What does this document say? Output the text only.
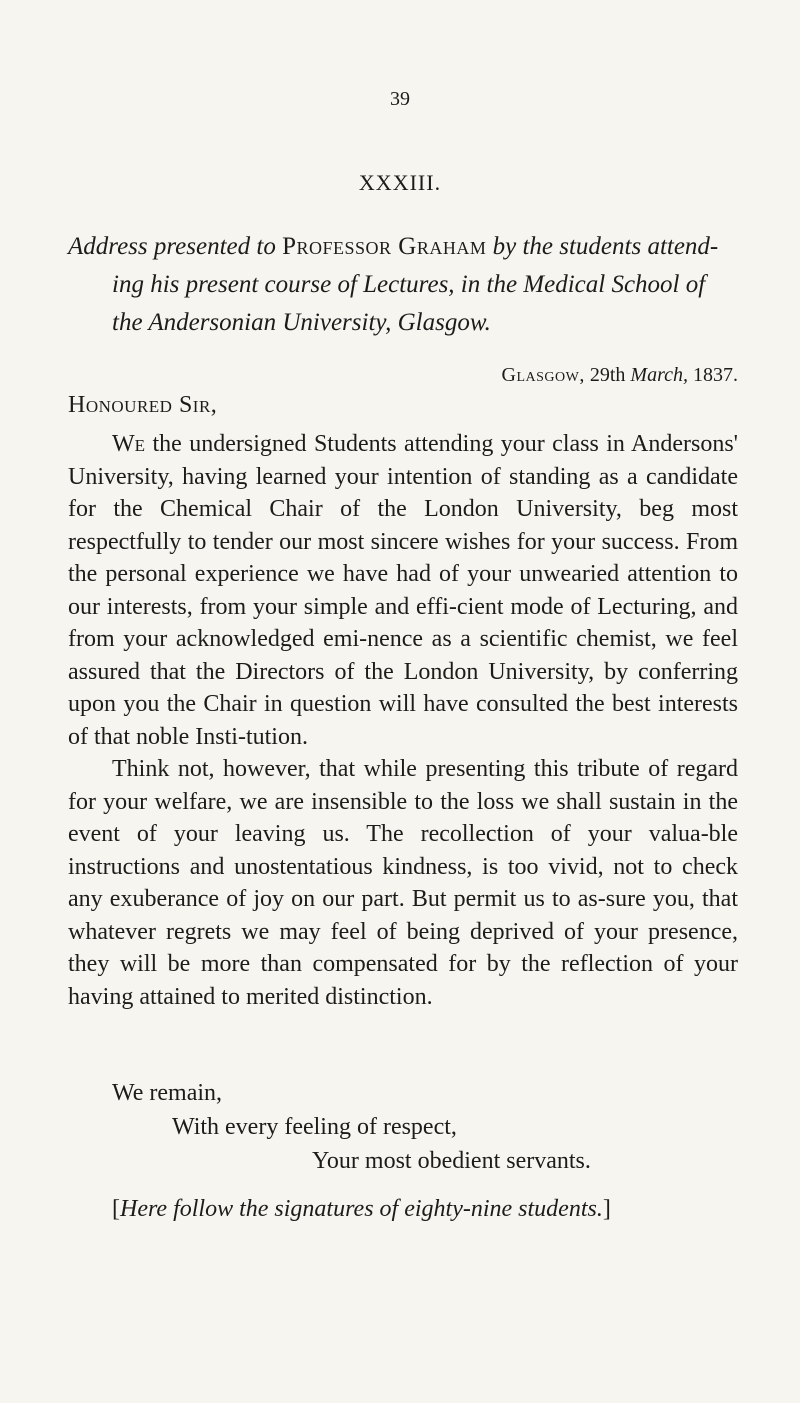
39
XXXIII.
Address presented to Professor Graham by the students attend-
ing his present course of Lectures, in the Medical School of
the Andersonian University, Glasgow.
Glasgow, 29th March, 1837.
Honoured Sir,

We the undersigned Students attending your class in Andersons' University, having learned your intention of standing as a candidate for the Chemical Chair of the London University, beg most respectfully to tender our most sincere wishes for your success. From the personal experience we have had of your unwearied attention to our interests, from your simple and effi-cient mode of Lecturing, and from your acknowledged emi-nence as a scientific chemist, we feel assured that the Directors of the London University, by conferring upon you the Chair in question will have consulted the best interests of that noble Insti-tution.

Think not, however, that while presenting this tribute of regard for your welfare, we are insensible to the loss we shall sustain in the event of your leaving us. The recollection of your valua-ble instructions and unostentatious kindness, is too vivid, not to check any exuberance of joy on our part. But permit us to as-sure you, that whatever regrets we may feel of being deprived of your presence, they will be more than compensated for by the reflection of your having attained to merited distinction.

We remain,
With every feeling of respect,
Your most obedient servants.
[Here follow the signatures of eighty-nine students.]
